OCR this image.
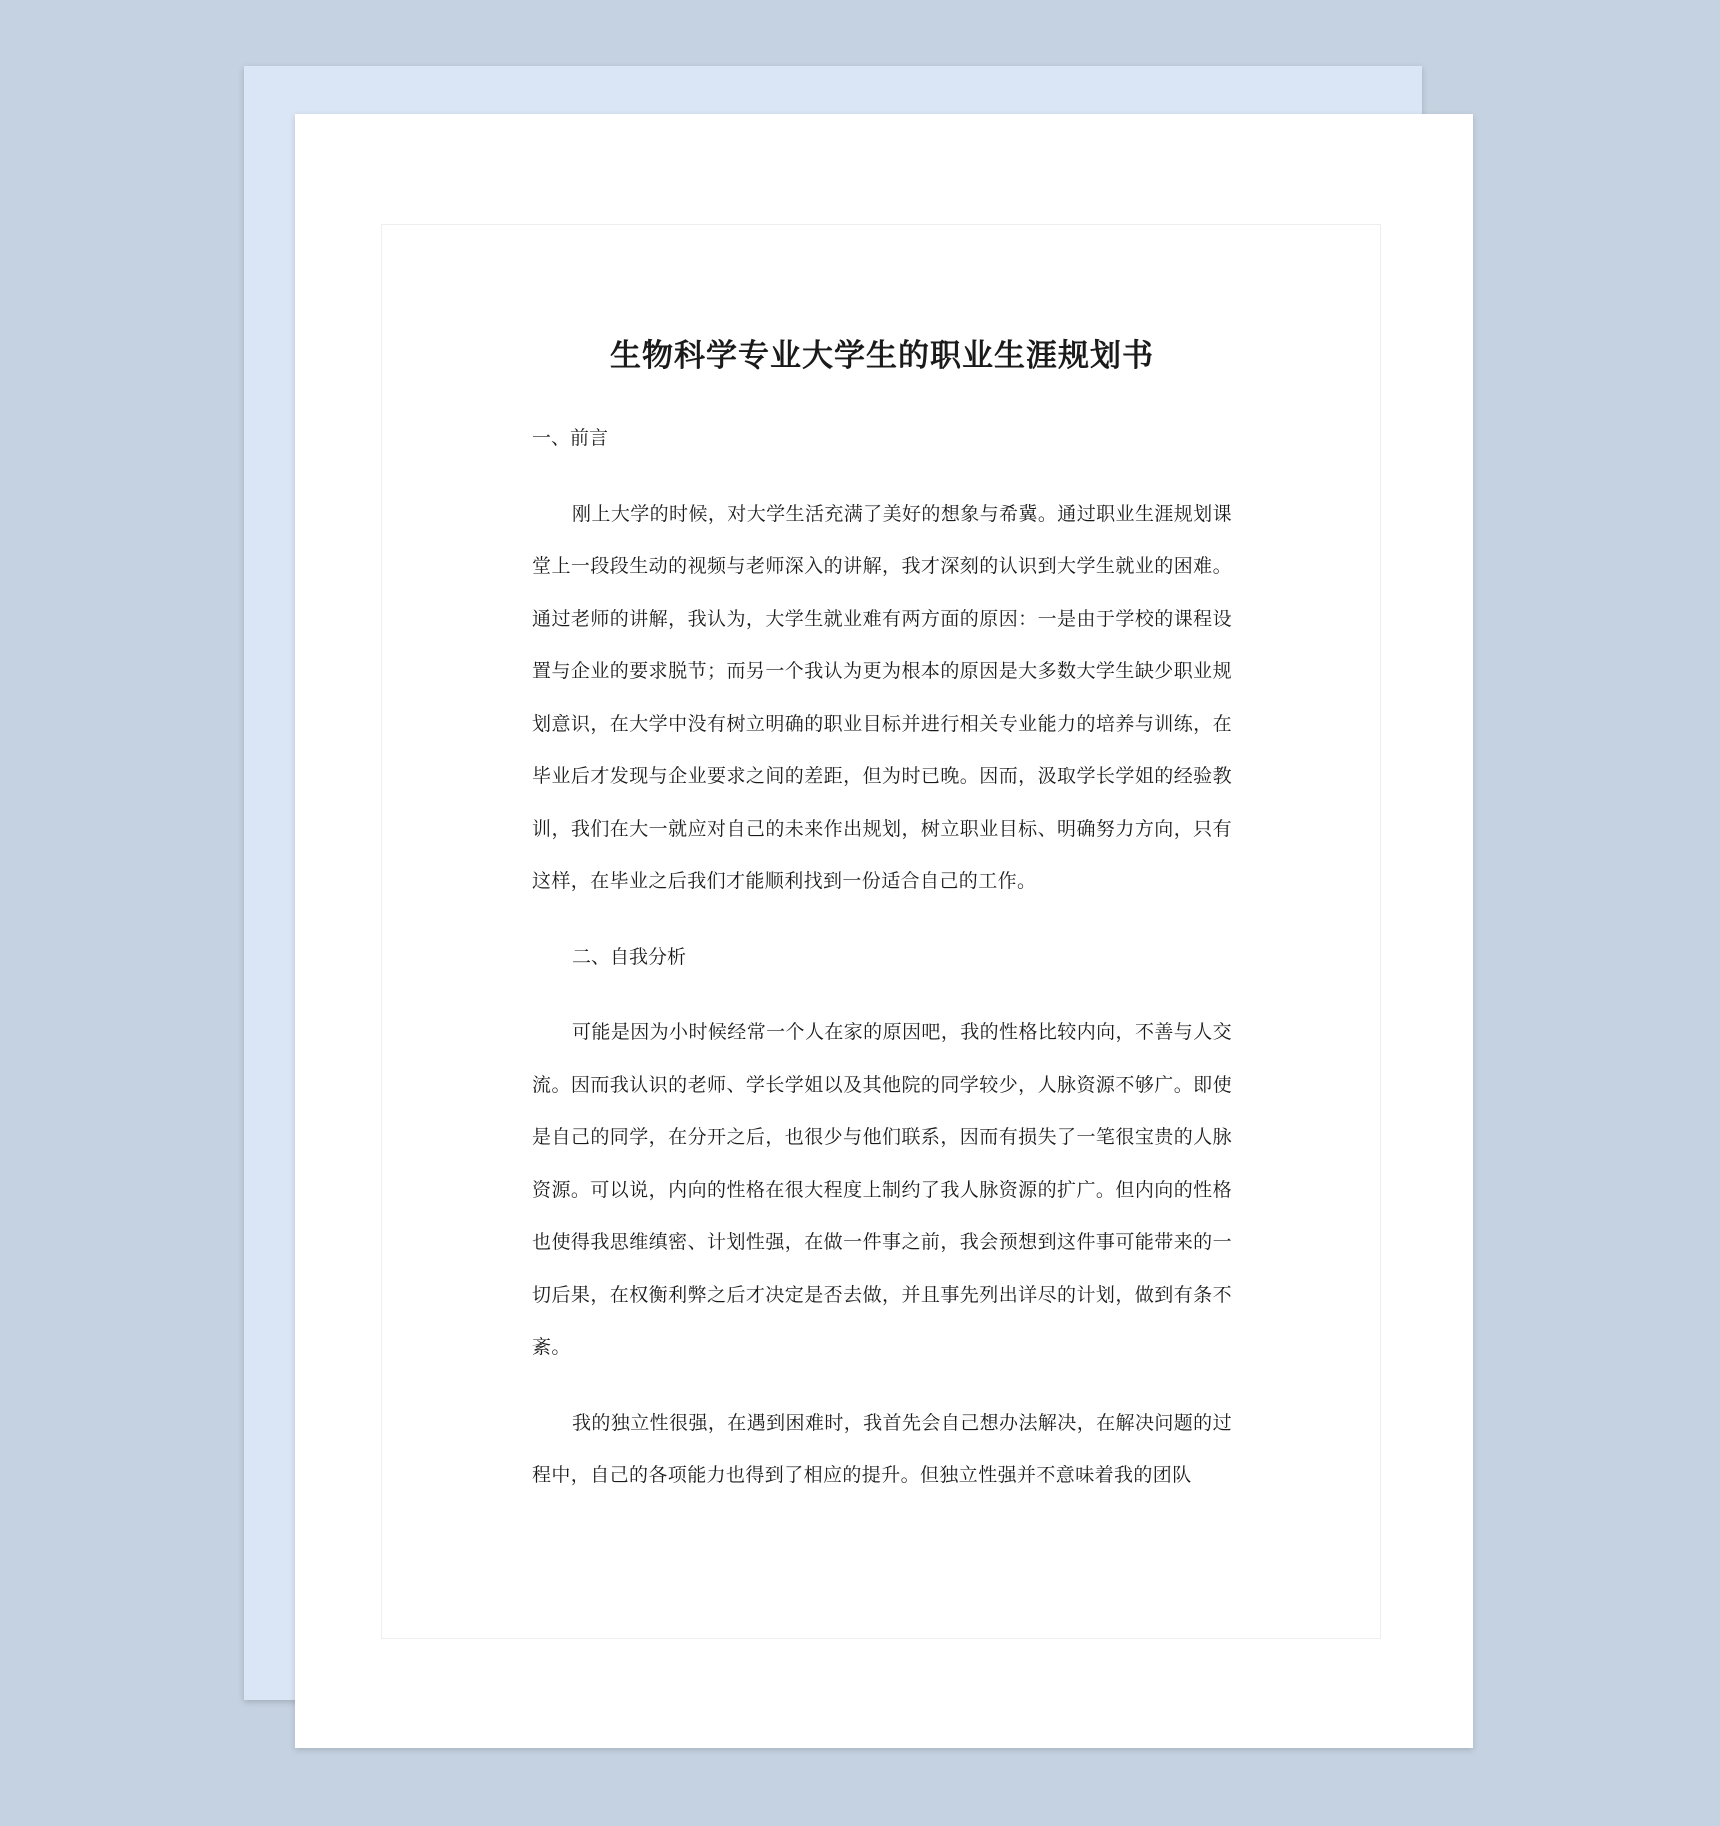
生物科学专业大学生的职业生涯规划书

一、前言

刚上大学的时候，对大学生活充满了美好的想象与希冀。通过职业生涯规划课堂上一段段生动的视频与老师深入的讲解，我才深刻的认识到大学生就业的困难。通过老师的讲解，我认为，大学生就业难有两方面的原因：一是由于学校的课程设置与企业的要求脱节；而另一个我认为更为根本的原因是大多数大学生缺少职业规划意识，在大学中没有树立明确的职业目标并进行相关专业能力的培养与训练，在毕业后才发现与企业要求之间的差距，但为时已晚。因而，汲取学长学姐的经验教训，我们在大一就应对自己的未来作出规划，树立职业目标、明确努力方向，只有这样，在毕业之后我们才能顺利找到一份适合自己的工作。

二、自我分析

可能是因为小时候经常一个人在家的原因吧，我的性格比较内向，不善与人交流。因而我认识的老师、学长学姐以及其他院的同学较少，人脉资源不够广。即使是自己的同学，在分开之后，也很少与他们联系，因而有损失了一笔很宝贵的人脉资源。可以说，内向的性格在很大程度上制约了我人脉资源的扩广。但内向的性格也使得我思维缜密、计划性强，在做一件事之前，我会预想到这件事可能带来的一切后果，在权衡利弊之后才决定是否去做，并且事先列出详尽的计划，做到有条不紊。

我的独立性很强，在遇到困难时，我首先会自己想办法解决，在解决问题的过程中，自己的各项能力也得到了相应的提升。但独立性强并不意味着我的团队
